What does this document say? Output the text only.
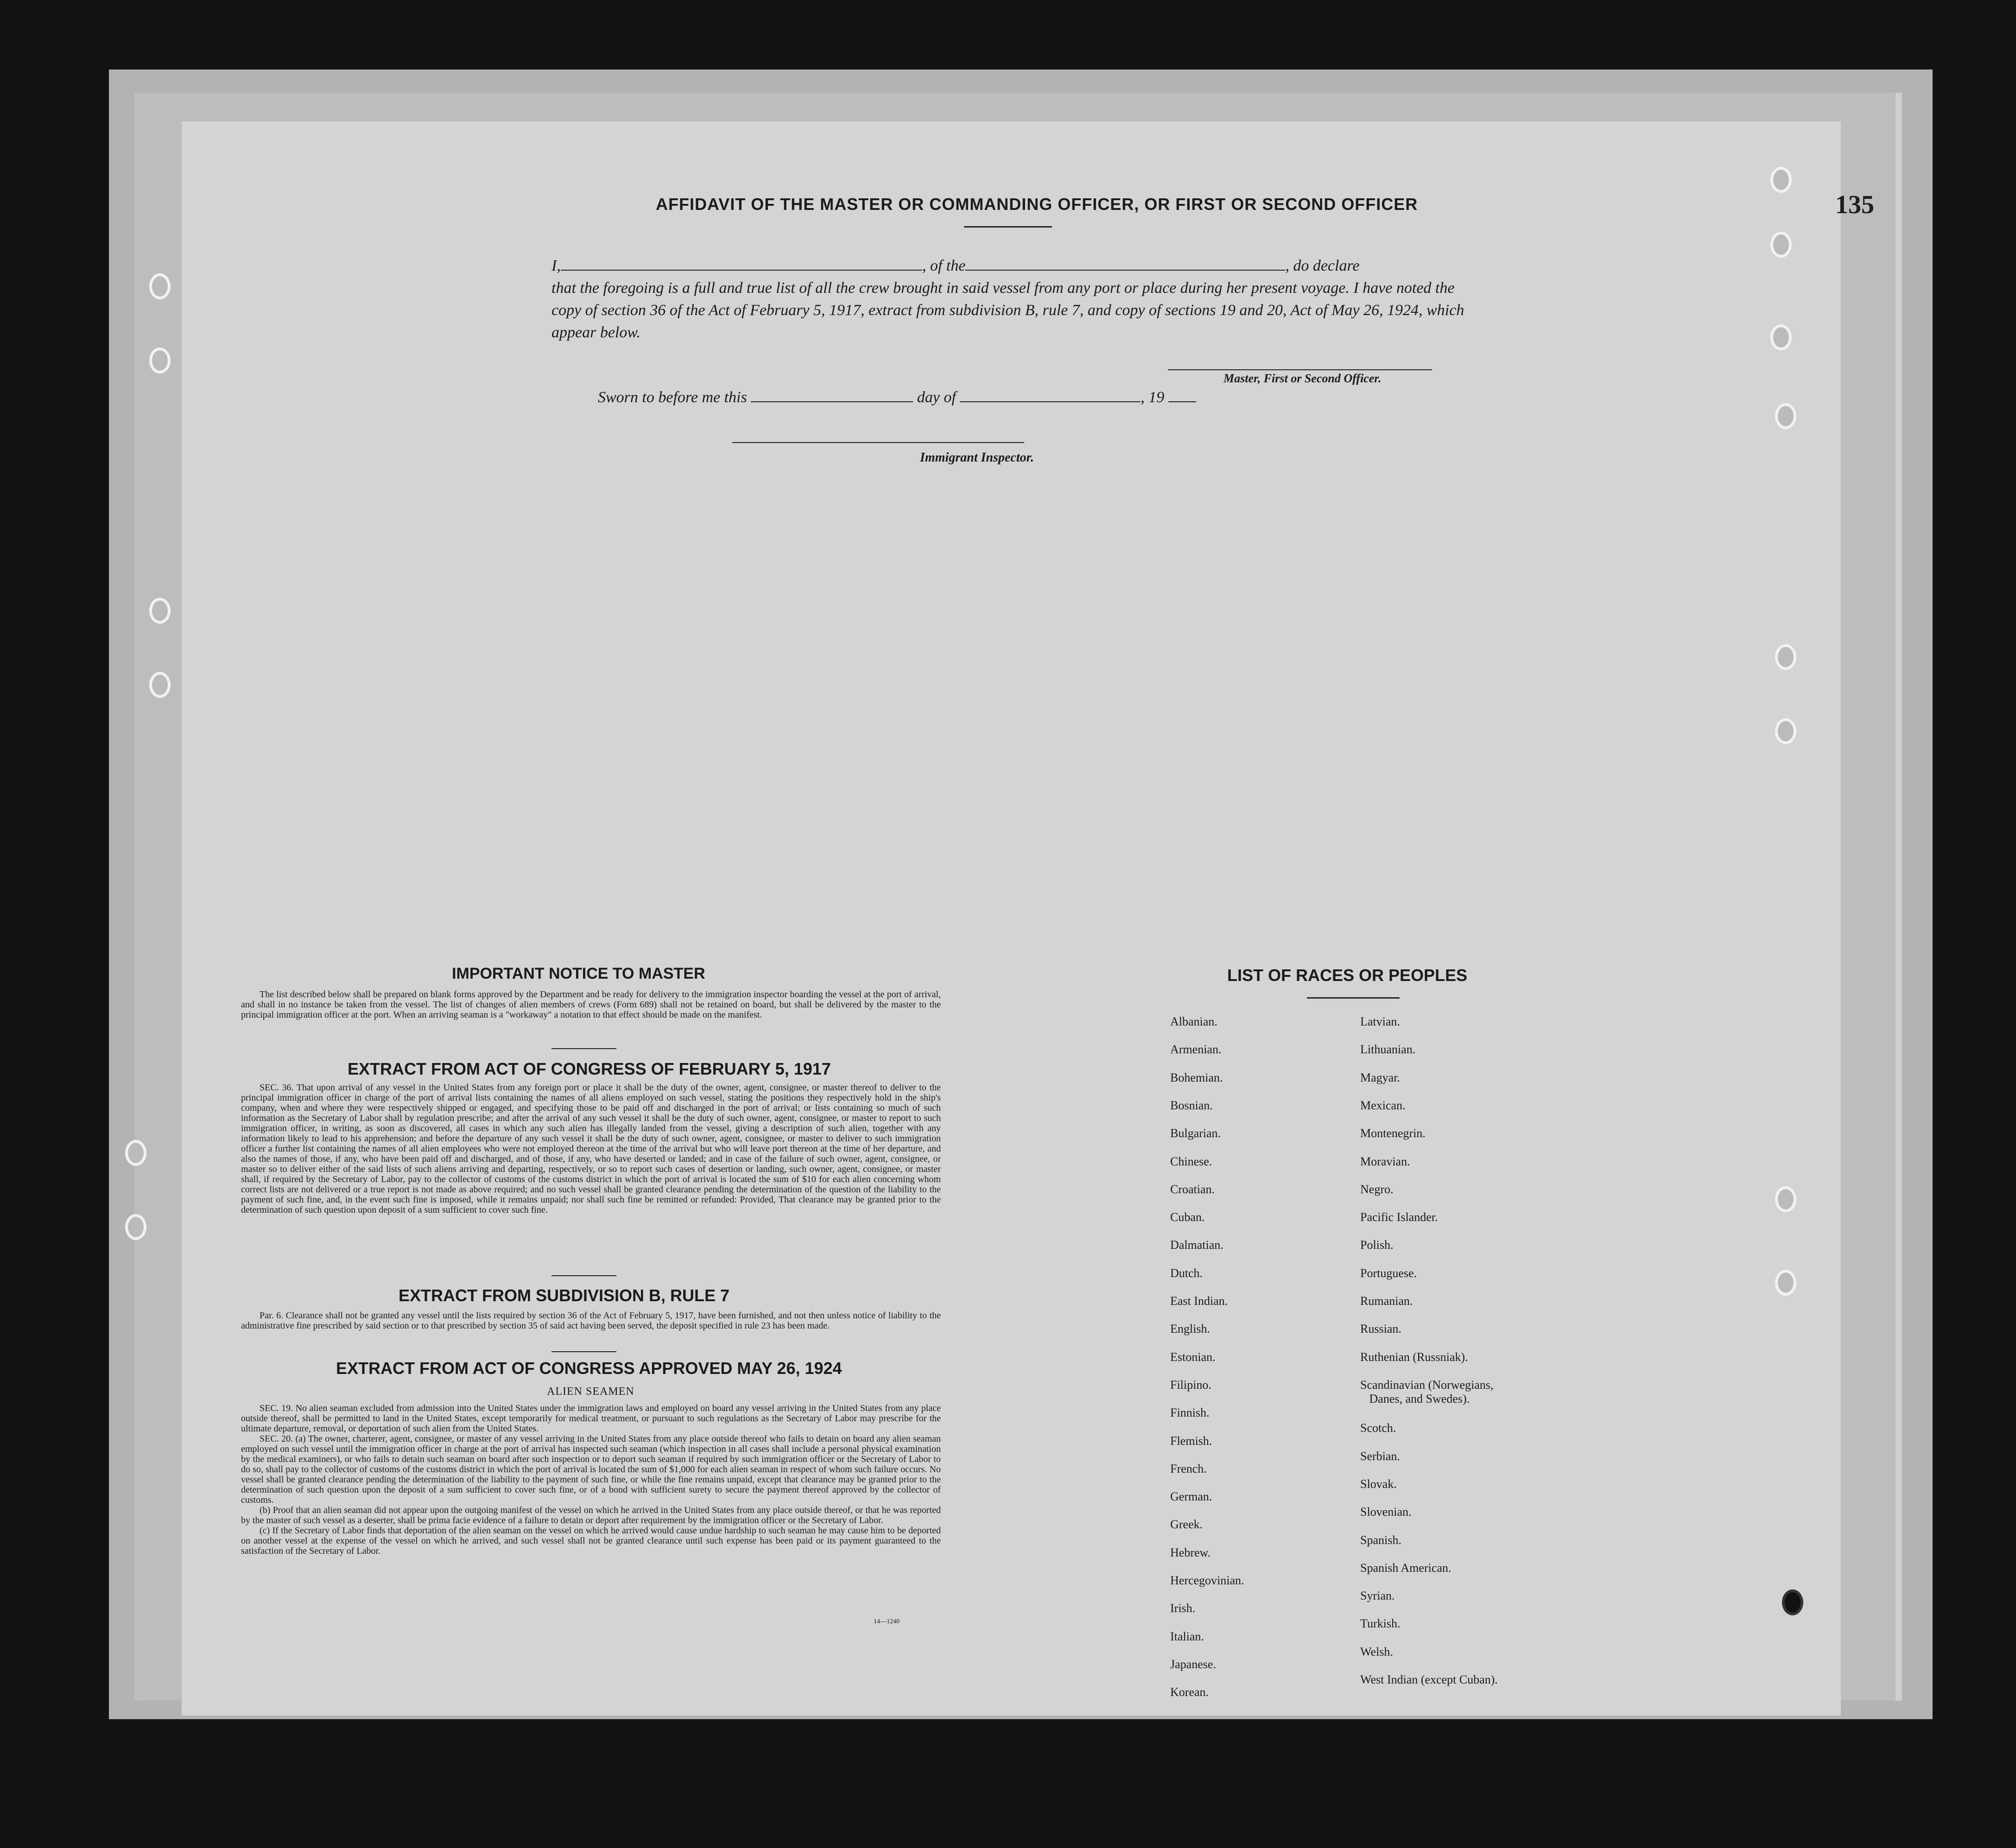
135
AFFIDAVIT OF THE MASTER OR COMMANDING OFFICER, OR FIRST OR SECOND OFFICER
I,	, of the	, do declare
that the foregoing is a full and true list of all the crew brought in said vessel from any port or place during her present voyage. I have noted the copy of section 36 of the Act of February 5, 1917, extract from subdivision B, rule 7, and copy of sections 19 and 20, Act of May 26, 1924, which appear below.
Master, First or Second Officer.
Sworn to before me this	day of	, 19
Immigrant Inspector.
IMPORTANT NOTICE TO MASTER

The list described below shall be prepared on blank forms approved by the Department and be ready for delivery to the immigration inspector boarding the vessel at the port of arrival, and shall in no instance be taken from the vessel. The list of changes of alien members of crews (Form 689) shall not be retained on board, but shall be delivered by the master to the principal immigration officer at the port. When an arriving seaman is a "workaway" a notation to that effect should be made on the manifest.

EXTRACT FROM ACT OF CONGRESS OF FEBRUARY 5, 1917

SEC. 36. That upon arrival of any vessel in the United States from any foreign port or place it shall be the duty of the owner, agent, consignee, or master thereof to deliver to the principal immigration officer in charge of the port of arrival lists containing the names of all aliens employed on such vessel, stating the positions they respectively hold in the ship's company, when and where they were respectively shipped or engaged, and specifying those to be paid off and discharged in the port of arrival; or lists containing so much of such information as the Secretary of Labor shall by regulation prescribe; and after the arrival of any such vessel it shall be the duty of such owner, agent, consignee, or master to report to such immigration officer, in writing, as soon as discovered, all cases in which any such alien has illegally landed from the vessel, giving a description of such alien, together with any information likely to lead to his apprehension; and before the departure of any such vessel it shall be the duty of such owner, agent, consignee, or master to deliver to such immigration officer a further list containing the names of all alien employees who were not employed thereon at the time of the arrival but who will leave port thereon at the time of her departure, and also the names of those, if any, who have been paid off and discharged, and of those, if any, who have deserted or landed; and in case of the failure of such owner, agent, consignee, or master so to deliver either of the said lists of such aliens arriving and departing, respectively, or so to report such cases of desertion or landing, such owner, agent, consignee, or master shall, if required by the Secretary of Labor, pay to the collector of customs of the customs district in which the port of arrival is located the sum of $10 for each alien concerning whom correct lists are not delivered or a true report is not made as above required; and no such vessel shall be granted clearance pending the determination of the question of the liability to the payment of such fine, and, in the event such fine is imposed, while it remains unpaid; nor shall such fine be remitted or refunded: Provided, That clearance may be granted prior to the determination of such question upon deposit of a sum sufficient to cover such fine.

EXTRACT FROM SUBDIVISION B, RULE 7

Par. 6. Clearance shall not be granted any vessel until the lists required by section 36 of the Act of February 5, 1917, have been furnished, and not then unless notice of liability to the administrative fine prescribed by said section or to that prescribed by section 35 of said act having been served, the deposit specified in rule 23 has been made.

EXTRACT FROM ACT OF CONGRESS APPROVED MAY 26, 1924
ALIEN SEAMEN

SEC. 19. No alien seaman excluded from admission into the United States under the immigration laws and employed on board any vessel arriving in the United States from any place outside thereof, shall be permitted to land in the United States, except temporarily for medical treatment, or pursuant to such regulations as the Secretary of Labor may prescribe for the ultimate departure, removal, or deportation of such alien from the United States.

SEC. 20. (a) The owner, charterer, agent, consignee, or master of any vessel arriving in the United States from any place outside thereof who fails to detain on board any alien seaman employed on such vessel until the immigration officer in charge at the port of arrival has inspected such seaman (which inspection in all cases shall include a personal physical examination by the medical examiners), or who fails to detain such seaman on board after such inspection or to deport such seaman if required by such immigration officer or the Secretary of Labor to do so, shall pay to the collector of customs of the customs district in which the port of arrival is located the sum of $1,000 for each alien seaman in respect of whom such failure occurs. No vessel shall be granted clearance pending the determination of the liability to the payment of such fine, or while the fine remains unpaid, except that clearance may be granted prior to the determination of such question upon the deposit of a sum sufficient to cover such fine, or of a bond with sufficient surety to secure the payment thereof approved by the collector of customs.

(b) Proof that an alien seaman did not appear upon the outgoing manifest of the vessel on which he arrived in the United States from any place outside thereof, or that he was reported by the master of such vessel as a deserter, shall be prima facie evidence of a failure to detain or deport after requirement by the immigration officer or the Secretary of Labor.

(c) If the Secretary of Labor finds that deportation of the alien seaman on the vessel on which he arrived would cause undue hardship to such seaman he may cause him to be deported on another vessel at the expense of the vessel on which he arrived, and such vessel shall not be granted clearance until such expense has been paid or its payment guaranteed to the satisfaction of the Secretary of Labor.

14—1240
LIST OF RACES OR PEOPLES
Albanian.
Armenian.
Bohemian.
Bosnian.
Bulgarian.
Chinese.
Croatian.
Cuban.
Dalmatian.
Dutch.
East Indian.
English.
Estonian.
Filipino.
Finnish.
Flemish.
French.
German.
Greek.
Hebrew.
Hercegovinian.
Irish.
Italian.
Japanese.
Korean.
Latvian.
Lithuanian.
Magyar.
Mexican.
Montenegrin.
Moravian.
Negro.
Pacific Islander.
Polish.
Portuguese.
Rumanian.
Russian.
Ruthenian (Russniak).
Scandinavian (Norwegians,
Danes, and Swedes).
Scotch.
Serbian.
Slovak.
Slovenian.
Spanish.
Spanish American.
Syrian.
Turkish.
Welsh.
West Indian (except Cuban).
